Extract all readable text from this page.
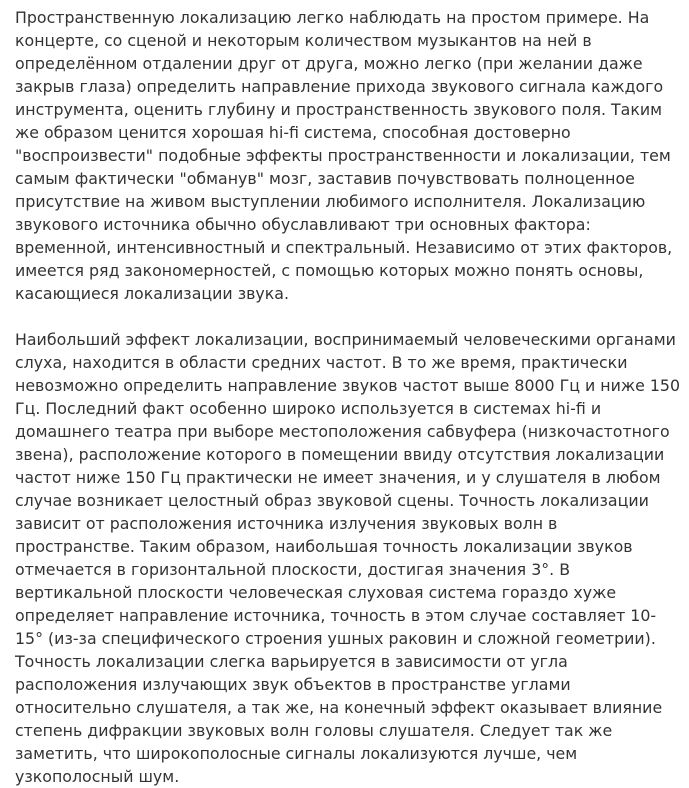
Пространственную локализацию легко наблюдать на простом примере. На
концерте, со сценой и некоторым количеством музыкантов на ней в
определённом отдалении друг от друга, можно легко (при желании даже
закрыв глаза) определить направление прихода звукового сигнала каждого
инструмента, оценить глубину и пространственность звукового поля. Таким
же образом ценится хорошая hi-fi система, способная достоверно
"воспроизвести" подобные эффекты пространственности и локализации, тем
самым фактически "обманув" мозг, заставив почувствовать полноценное
присутствие на живом выступлении любимого исполнителя. Локализацию
звукового источника обычно обуславливают три основных фактора:
временной, интенсивностный и спектральный. Независимо от этих факторов,
имеется ряд закономерностей, с помощью которых можно понять основы,
касающиеся локализации звука.
Наибольший эффект локализации, воспринимаемый человеческими органами
слуха, находится в области средних частот. В то же время, практически
невозможно определить направление звуков частот выше 8000 Гц и ниже 150
Гц. Последний факт особенно широко используется в системах hi-fi и
домашнего театра при выборе местоположения сабвуфера (низкочастотного
звена), расположение которого в помещении ввиду отсутствия локализации
частот ниже 150 Гц практически не имеет значения, и у слушателя в любом
случае возникает целостный образ звуковой сцены. Точность локализации
зависит от расположения источника излучения звуковых волн в
пространстве. Таким образом, наибольшая точность локализации звуков
отмечается в горизонтальной плоскости, достигая значения 3°. В
вертикальной плоскости человеческая слуховая система гораздо хуже
определяет направление источника, точность в этом случае составляет 10-
15° (из-за специфического строения ушных раковин и сложной геометрии).
Точность локализации слегка варьируется в зависимости от угла
расположения излучающих звук объектов в пространстве углами
относительно слушателя, а так же, на конечный эффект оказывает влияние
степень дифракции звуковых волн головы слушателя. Следует так же
заметить, что широкополосные сигналы локализуются лучше, чем
узкополосный шум.
